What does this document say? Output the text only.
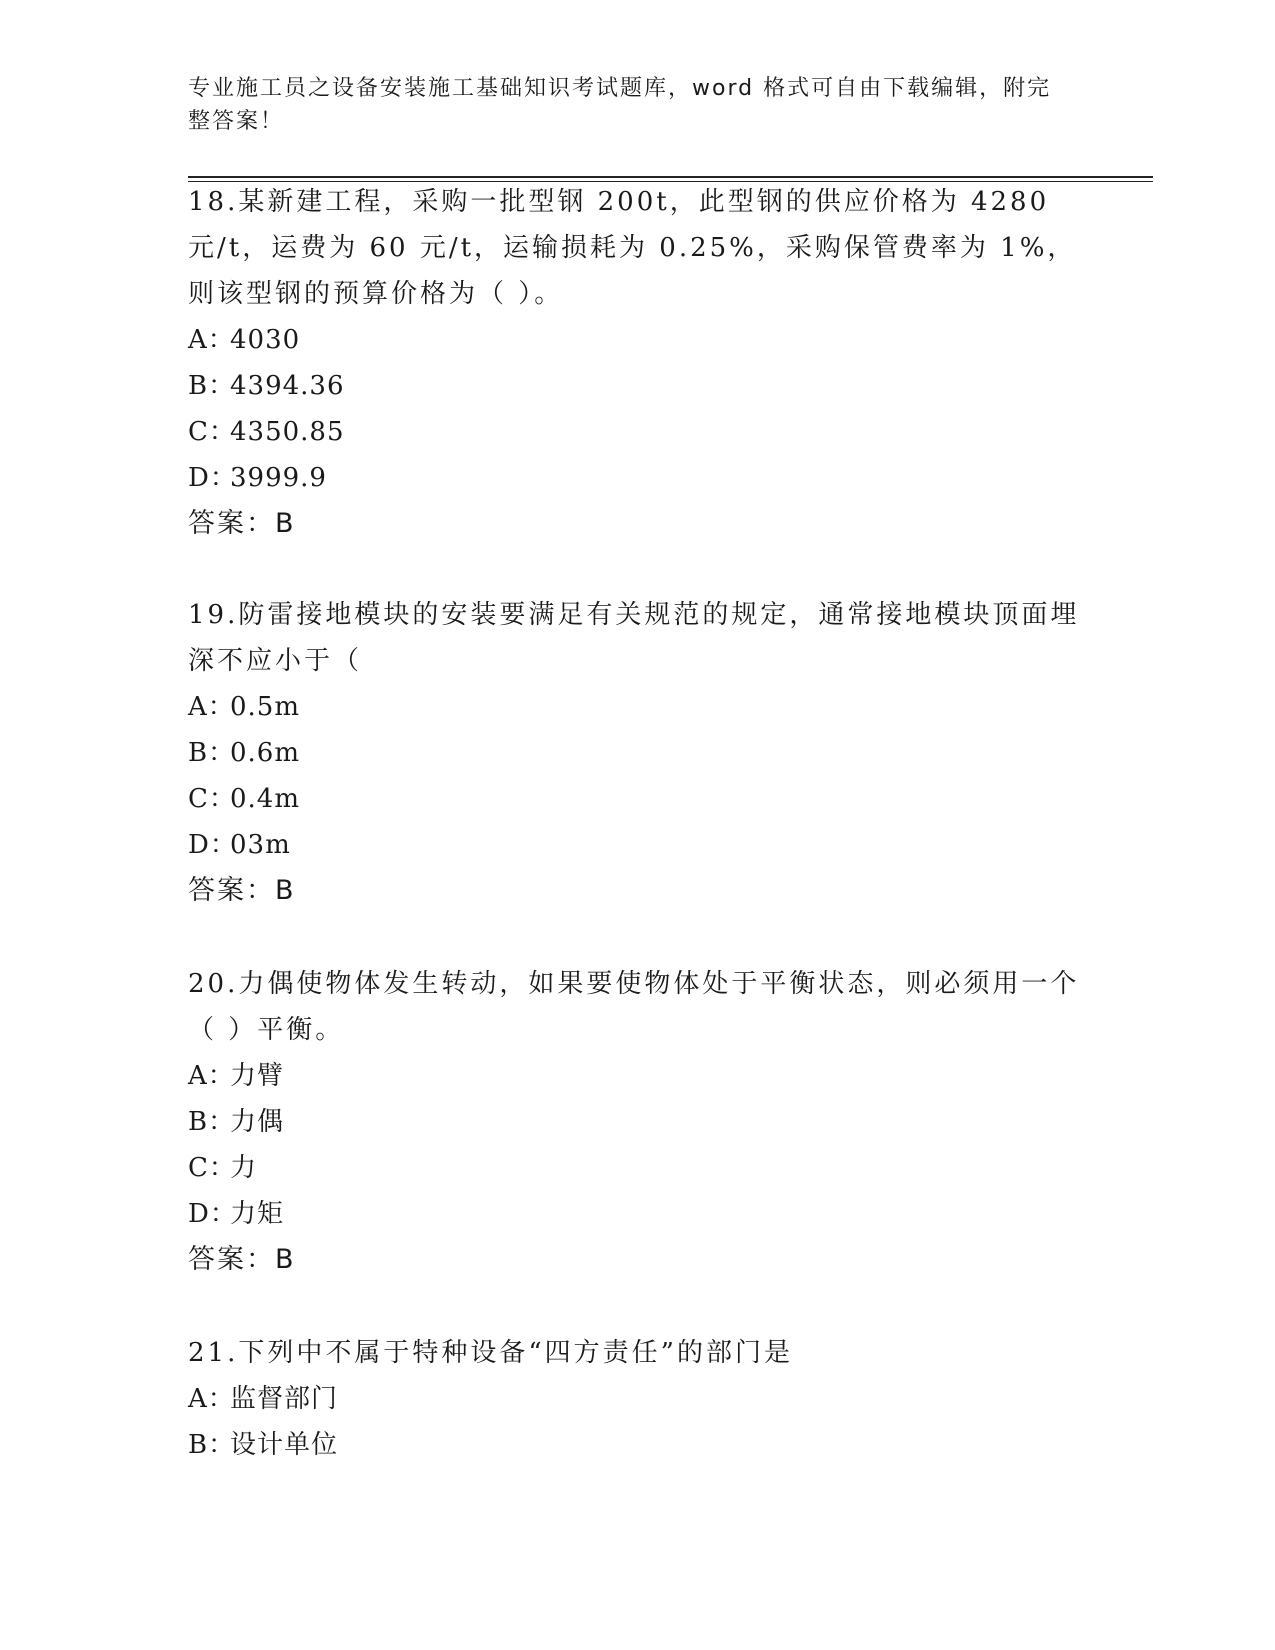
专业施工员之设备安装施工基础知识考试题库，word 格式可自由下载编辑，附完整答案！
18.某新建工程，采购一批型钢 200t，此型钢的供应价格为 4280 元/t，运费为 60 元/t，运输损耗为 0.25%，采购保管费率为 1%，则该型钢的预算价格为（ ）。
A：4030
B：4394.36
C：4350.85
D：3999.9
答案：B
19.防雷接地模块的安装要满足有关规范的规定，通常接地模块顶面埋深不应小于（
A：0.5m
B：0.6m
C：0.4m
D：03m
答案：B
20.力偶使物体发生转动，如果要使物体处于平衡状态，则必须用一个（ ）平衡。
A：力臂
B：力偶
C：力
D：力矩
答案：B
21.下列中不属于特种设备“四方责任”的部门是
A：监督部门
B：设计单位
